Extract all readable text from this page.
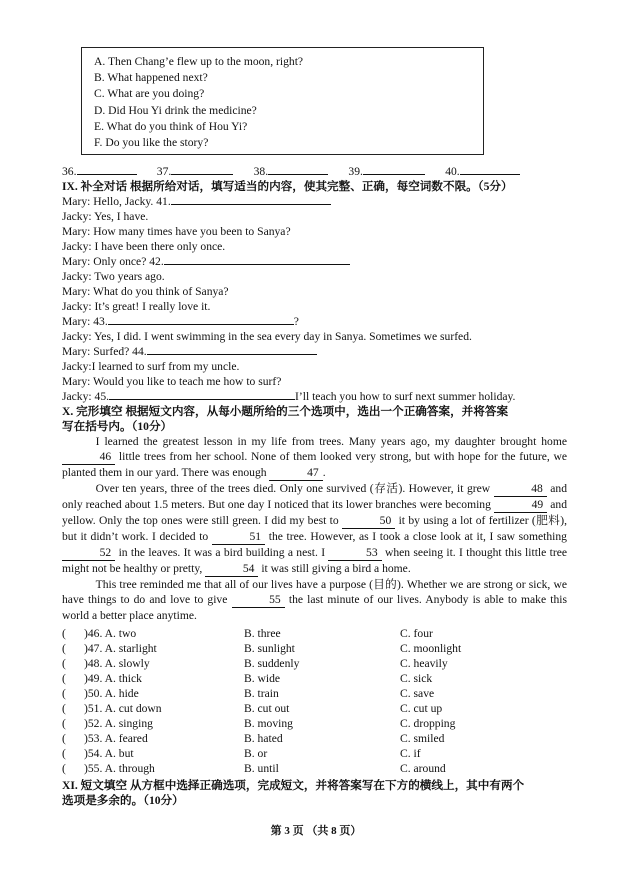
A. Then Chang’e flew up to the moon, right?
B. What happened next?
C. What are you doing?
D. Did Hou Yi drink the medicine?
E. What do you think of Hou Yi?
F. Do you like the story?
36.	37.	38.	39.	40.
IX. 补全对话 根据所给对话，填写适当的内容，使其完整、正确，每空词数不限。（5分）
Mary: Hello, Jacky. 41.
Jacky: Yes, I have.
Mary: How many times have you been to Sanya?
Jacky: I have been there only once.
Mary: Only once? 42.
Jacky: Two years ago.
Mary: What do you think of Sanya?
Jacky: It’s great! I really love it.
Mary: 43.	?
Jacky: Yes, I did. I went swimming in the sea every day in Sanya. Sometimes we surfed.
Mary: Surfed? 44.
Jacky:I learned to surf from my uncle.
Mary: Would you like to teach me how to surf?
Jacky: 45.	I’ll teach you how to surf next summer holiday.
X. 完形填空 根据短文内容，从每小题所给的三个选项中，选出一个正确答案，并将答案
写在括号内。（10分）

I learned the greatest lesson in my life from trees. Many years ago, my daughter brought home 46 little trees from her school. None of them looked very strong, but with hope for the future, we planted them in our yard. There was enough	47 .

Over ten years, three of the trees died. Only one survived (存活). However, it grew	48 and only reached about 1.5 meters. But one day I noticed that its lower branches were becoming	49 and yellow. Only the top ones were still green. I did my best to	50 it by using a lot of fertilizer (肥料), but it didn’t work. I decided to	51 the tree. However, as I took a close look at it, I saw something 52 in the leaves. It was a bird building a nest. I	53 when seeing it. I thought this little tree might not be healthy or pretty,	54 it was still giving a bird a home.

This tree reminded me that all of our lives have a purpose (目的). Whether we are strong or sick, we have things to do and love to give	55 the last minute of our lives. Anybody is able to make this world a better place anytime.

( )46. A. two	B. three	C. four
( )47. A. starlight	B. sunlight	C. moonlight
( )48. A. slowly	B. suddenly	C. heavily
( )49. A. thick	B. wide	C. sick
( )50. A. hide	B. train	C. save
( )51. A. cut down	B. cut out	C. cut up
( )52. A. singing	B. moving	C. dropping
( )53. A. feared	B. hated	C. smiled
( )54. A. but	B. or	C. if
( )55. A. through	B. until	C. around
XI. 短文填空 从方框中选择正确选项，完成短文，并将答案写在下方的横线上，其中有两个
选项是多余的。（10分）
第 3 页 （共 8 页）
